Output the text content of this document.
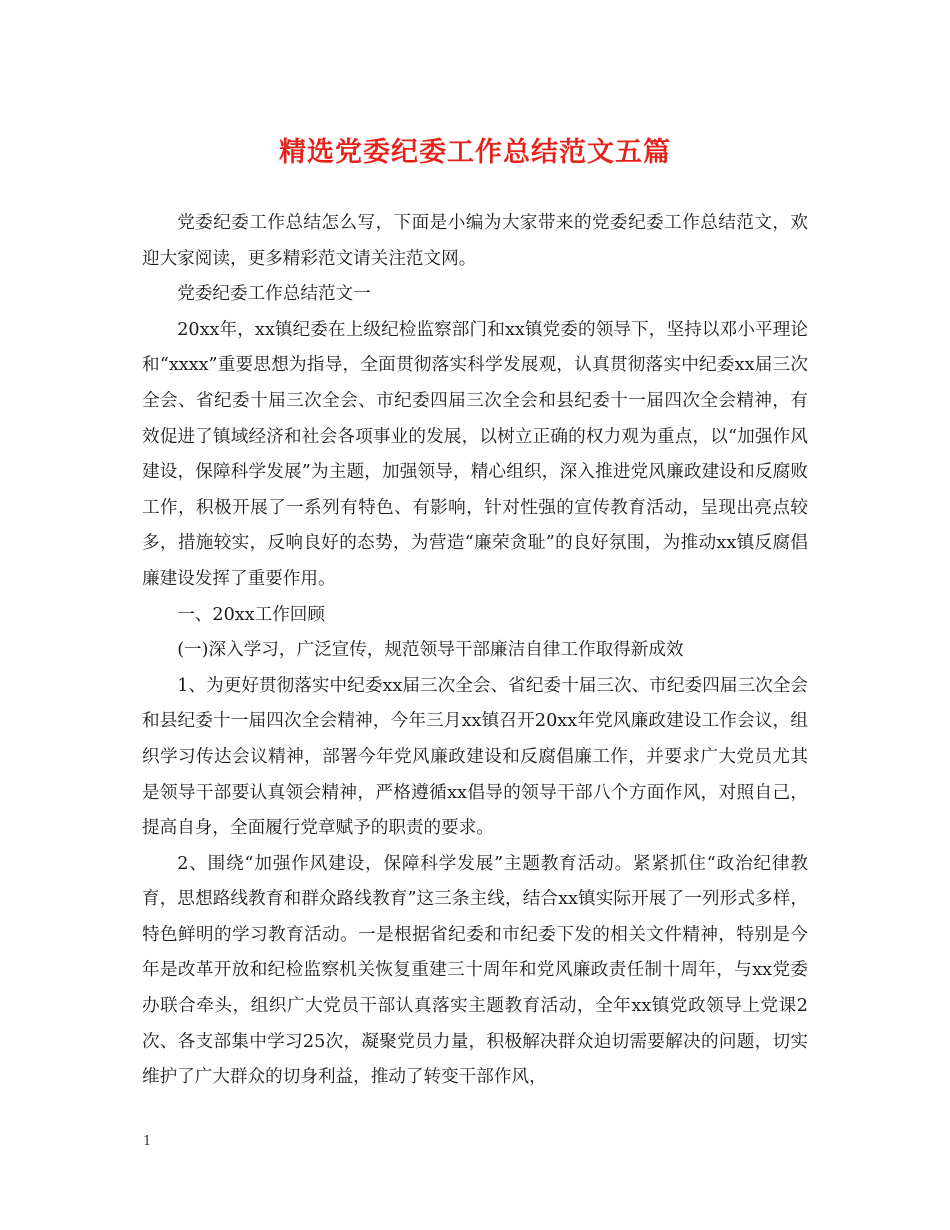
精选党委纪委工作总结范文五篇

党委纪委工作总结怎么写，下面是小编为大家带来的党委纪委工作总结范文，欢迎大家阅读，更多精彩范文请关注范文网。

党委纪委工作总结范文一

20xx年，xx镇纪委在上级纪检监察部门和xx镇党委的领导下，坚持以邓小平理论和“xxxx”重要思想为指导，全面贯彻落实科学发展观，认真贯彻落实中纪委xx届三次全会、省纪委十届三次全会、市纪委四届三次全会和县纪委十一届四次全会精神，有效促进了镇域经济和社会各项事业的发展，以树立正确的权力观为重点，以“加强作风建设，保障科学发展”为主题，加强领导，精心组织，深入推进党风廉政建设和反腐败工作，积极开展了一系列有特色、有影响，针对性强的宣传教育活动，呈现出亮点较多，措施较实，反响良好的态势，为营造“廉荣贪耻”的良好氛围，为推动xx镇反腐倡廉建设发挥了重要作用。

一、20xx工作回顾

(一)深入学习，广泛宣传，规范领导干部廉洁自律工作取得新成效

1、为更好贯彻落实中纪委xx届三次全会、省纪委十届三次、市纪委四届三次全会和县纪委十一届四次全会精神，今年三月xx镇召开20xx年党风廉政建设工作会议，组织学习传达会议精神，部署今年党风廉政建设和反腐倡廉工作，并要求广大党员尤其是领导干部要认真领会精神，严格遵循xx倡导的领导干部八个方面作风，对照自己，提高自身，全面履行党章赋予的职责的要求。

2、围绕“加强作风建设，保障科学发展”主题教育活动。紧紧抓住“政治纪律教育，思想路线教育和群众路线教育”这三条主线，结合xx镇实际开展了一列形式多样，特色鲜明的学习教育活动。一是根据省纪委和市纪委下发的相关文件精神，特别是今年是改革开放和纪检监察机关恢复重建三十周年和党风廉政责任制十周年，与xx党委办联合牵头，组织广大党员干部认真落实主题教育活动，全年xx镇党政领导上党课2次、各支部集中学习25次，凝聚党员力量，积极解决群众迫切需要解决的问题，切实维护了广大群众的切身利益，推动了转变干部作风，

1
